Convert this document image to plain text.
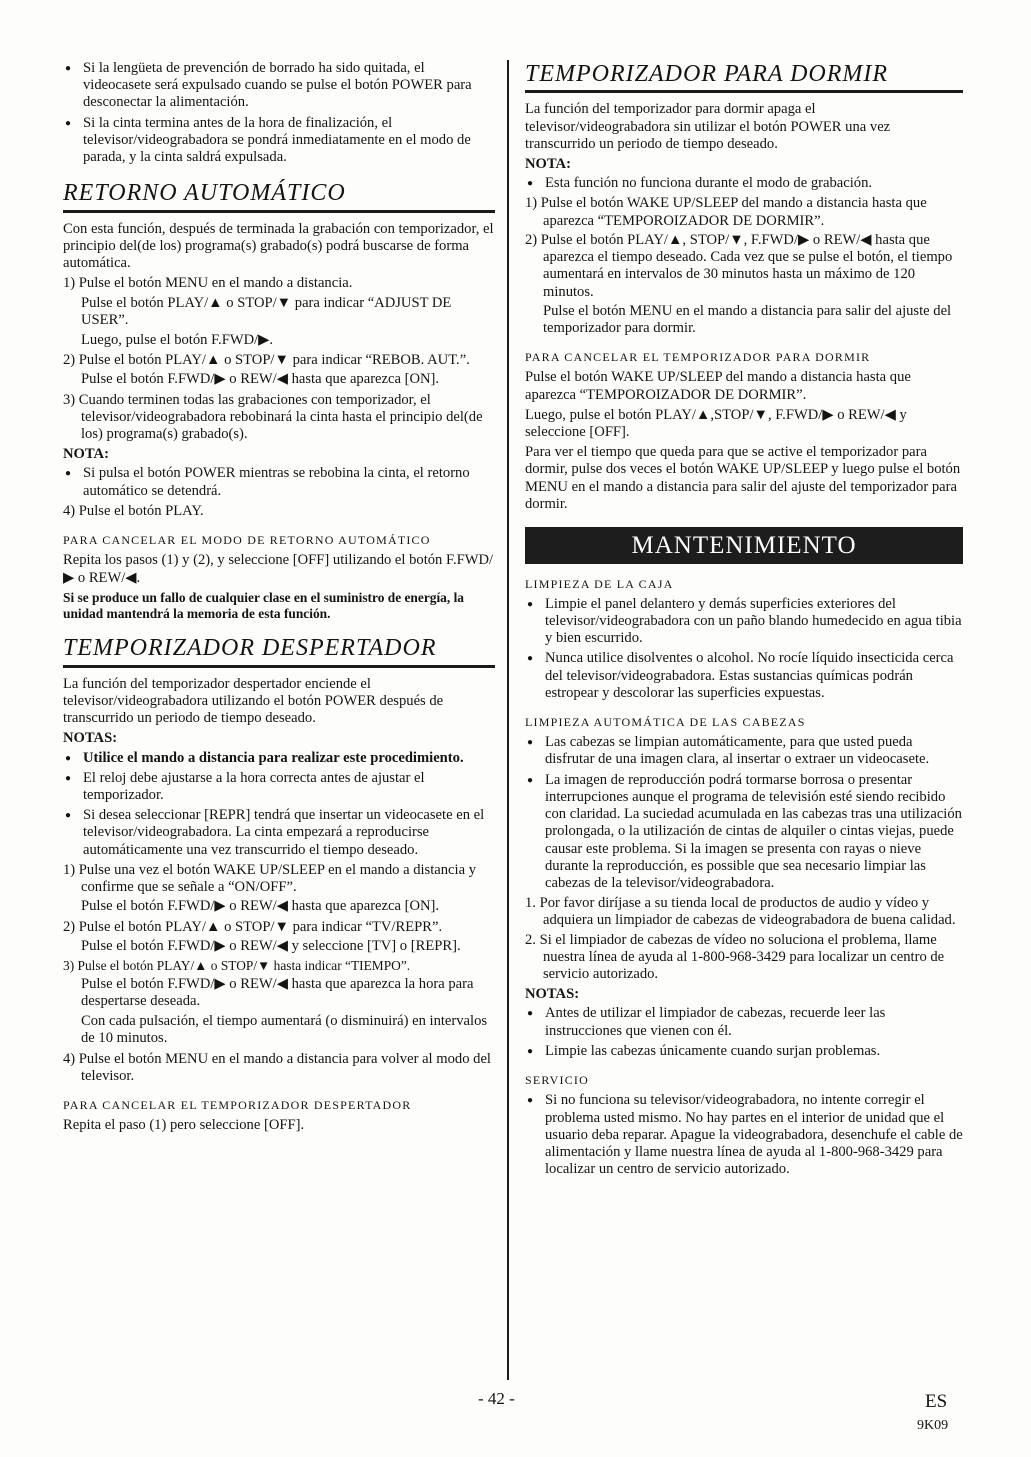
● Si la lengüeta de prevención de borrado ha sido quitada, el videocasete será expulsado cuando se pulse el botón POWER para desconectar la alimentación.

● Si la cinta termina antes de la hora de finalización, el televisor/videograbadora se pondrá inmediatamente en el modo de parada, y la cinta saldrá expulsada.

RETORNO AUTOMÁTICO

Con esta función, después de terminada la grabación con temporizador, el principio del(de los) programa(s) grabado(s) podrá buscarse de forma automática.

1) Pulse el botón MENU en el mando a distancia.

Pulse el botón PLAY/▲ o STOP/▼ para indicar “ADJUST DE USER”.

Luego, pulse el botón F.FWD/▶.

2) Pulse el botón PLAY/▲ o STOP/▼ para indicar “REBOB. AUT.”.

Pulse el botón F.FWD/▶ o REW/◀ hasta que aparezca [ON].

3) Cuando terminen todas las grabaciones con temporizador, el televisor/videograbadora rebobinará la cinta hasta el principio del(de los) programa(s) grabado(s).

NOTA:

● Si pulsa el botón POWER mientras se rebobina la cinta, el retorno automático se detendrá.

4) Pulse el botón PLAY.

PARA CANCELAR EL MODO DE RETORNO AUTOMÁTICO

Repita los pasos (1) y (2), y seleccione [OFF] utilizando el botón F.FWD/▶ o REW/◀.

Si se produce un fallo de cualquier clase en el suministro de energía, la unidad mantendrá la memoria de esta función.

TEMPORIZADOR DESPERTADOR

La función del temporizador despertador enciende el televisor/videograbadora utilizando el botón POWER después de transcurrido un periodo de tiempo deseado.

NOTAS:

● Utilice el mando a distancia para realizar este procedimiento.

● El reloj debe ajustarse a la hora correcta antes de ajustar el temporizador.

● Si desea seleccionar [REPR] tendrá que insertar un videocasete en el televisor/videograbadora. La cinta empezará a reproducirse automáticamente una vez transcurrido el tiempo deseado.

1) Pulse una vez el botón WAKE UP/SLEEP en el mando a distancia y confirme que se señale a “ON/OFF”.

Pulse el botón F.FWD/▶ o REW/◀ hasta que aparezca [ON].

2) Pulse el botón PLAY/▲ o STOP/▼ para indicar “TV/REPR”.

Pulse el botón F.FWD/▶ o REW/◀ y seleccione [TV] o [REPR].

3) Pulse el botón PLAY/▲ o STOP/▼ hasta indicar “TIEMPO”.

Pulse el botón F.FWD/▶ o REW/◀ hasta que aparezca la hora para despertarse deseada.

Con cada pulsación, el tiempo aumentará (o disminuirá) en intervalos de 10 minutos.

4) Pulse el botón MENU en el mando a distancia para volver al modo del televisor.

PARA CANCELAR EL TEMPORIZADOR DESPERTADOR

Repita el paso (1) pero seleccione [OFF].

TEMPORIZADOR PARA DORMIR

La función del temporizador para dormir apaga el televisor/videograbadora sin utilizar el botón POWER una vez transcurrido un periodo de tiempo deseado.

NOTA:

● Esta función no funciona durante el modo de grabación.

1) Pulse el botón WAKE UP/SLEEP del mando a distancia hasta que aparezca “TEMPOROIZADOR DE DORMIR”.

2) Pulse el botón PLAY/▲, STOP/▼, F.FWD/▶ o REW/◀ hasta que aparezca el tiempo deseado. Cada vez que se pulse el botón, el tiempo aumentará en intervalos de 30 minutos hasta un máximo de 120 minutos.

Pulse el botón MENU en el mando a distancia para salir del ajuste del temporizador para dormir.

PARA CANCELAR EL TEMPORIZADOR PARA DORMIR

Pulse el botón WAKE UP/SLEEP del mando a distancia hasta que aparezca “TEMPOROIZADOR DE DORMIR”.

Luego, pulse el botón PLAY/▲,STOP/▼, F.FWD/▶ o REW/◀ y seleccione [OFF].

Para ver el tiempo que queda para que se active el temporizador para dormir, pulse dos veces el botón WAKE UP/SLEEP y luego pulse el botón MENU en el mando a distancia para salir del ajuste del temporizador para dormir.

MANTENIMIENTO
LIMPIEZA DE LA CAJA

● Limpie el panel delantero y demás superficies exteriores del televisor/videograbadora con un paño blando humedecido en agua tibia y bien escurrido.

● Nunca utilice disolventes o alcohol. No rocíe líquido insecticida cerca del televisor/videograbadora. Estas sustancias químicas podrán estropear y descolorar las superficies expuestas.

LIMPIEZA AUTOMÁTICA DE LAS CABEZAS

● Las cabezas se limpian automáticamente, para que usted pueda disfrutar de una imagen clara, al insertar o extraer un videocasete.

● La imagen de reproducción podrá tormarse borrosa o presentar interrupciones aunque el programa de televisión esté siendo recibido con claridad. La suciedad acumulada en las cabezas tras una utilización prolongada, o la utilización de cintas de alquiler o cintas viejas, puede causar este problema. Si la imagen se presenta con rayas o nieve durante la reproducción, es possible que sea necesario limpiar las cabezas de la televisor/videograbadora.

1. Por favor diríjase a su tienda local de productos de audio y vídeo y adquiera un limpiador de cabezas de videograbadora de buena calidad.

2. Si el limpiador de cabezas de vídeo no soluciona el problema, llame nuestra línea de ayuda al 1-800-968-3429 para localizar un centro de servicio autorizado.

NOTAS:

● Antes de utilizar el limpiador de cabezas, recuerde leer las instrucciones que vienen con él.

● Limpie las cabezas únicamente cuando surjan problemas.

SERVICIO

● Si no funciona su televisor/videograbadora, no intente corregir el problema usted mismo. No hay partes en el interior de unidad que el usuario deba reparar. Apague la videograbadora, desenchufe el cable de alimentación y llame nuestra línea de ayuda al 1-800-968-3429 para localizar un centro de servicio autorizado.

- 42 -	ES
9K09
